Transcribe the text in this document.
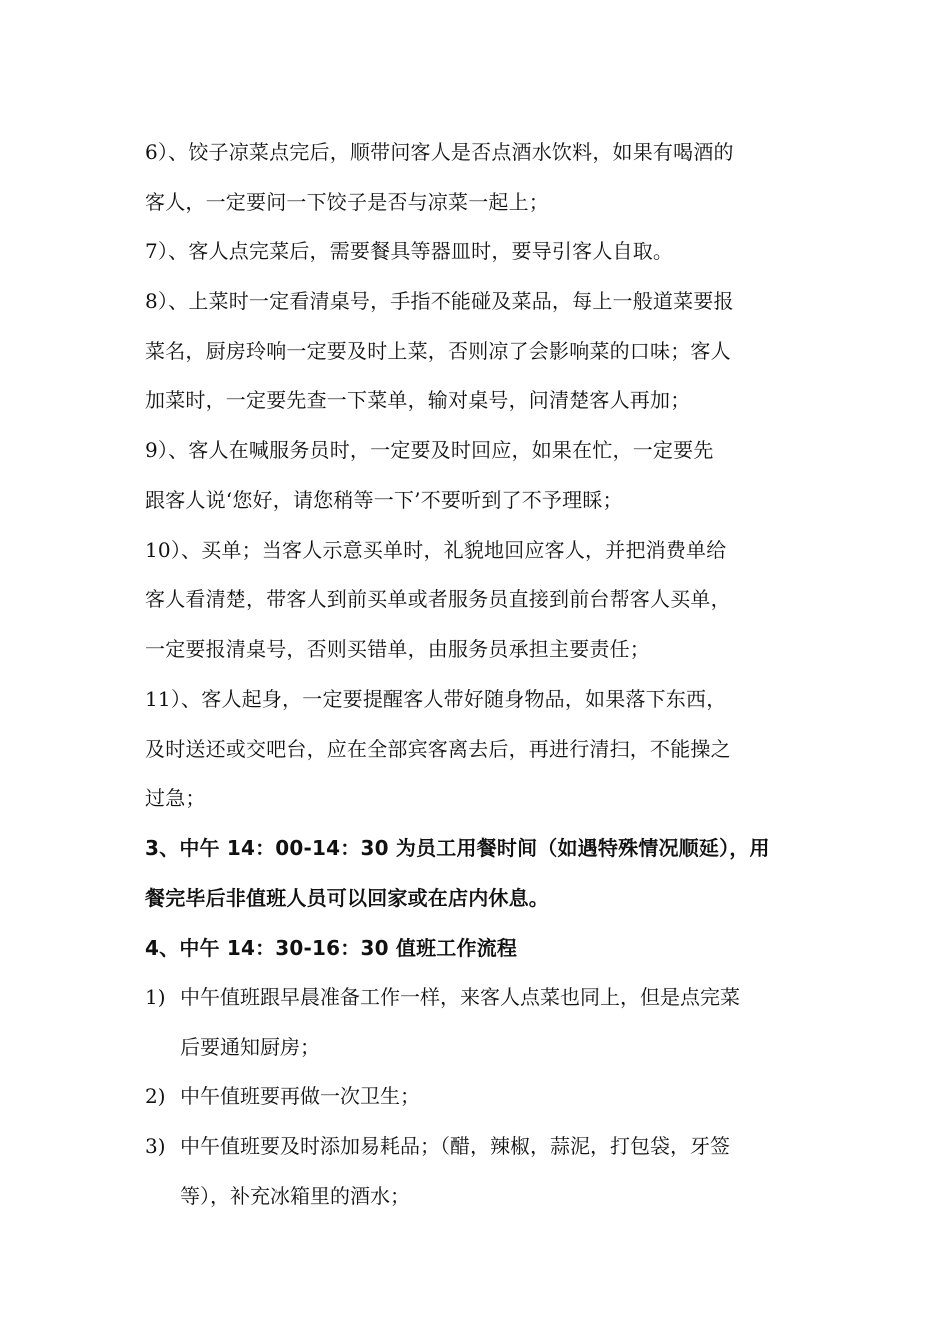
6）、饺子凉菜点完后，顺带问客人是否点酒水饮料，如果有喝酒的
客人，一定要问一下饺子是否与凉菜一起上；
7）、客人点完菜后，需要餐具等器皿时，要导引客人自取。
8）、上菜时一定看清桌号，手指不能碰及菜品，每上一般道菜要报
菜名，厨房玲响一定要及时上菜，否则凉了会影响菜的口味；客人
加菜时，一定要先查一下菜单，输对桌号，问清楚客人再加；
9）、客人在喊服务员时，一定要及时回应，如果在忙，一定要先
跟客人说‘您好，请您稍等一下’不要听到了不予理睬；
10）、买单；当客人示意买单时，礼貌地回应客人，并把消费单给
客人看清楚，带客人到前买单或者服务员直接到前台帮客人买单，
一定要报清桌号，否则买错单，由服务员承担主要责任；
11）、客人起身，一定要提醒客人带好随身物品，如果落下东西，
及时送还或交吧台，应在全部宾客离去后，再进行清扫，不能操之
过急；
3、中午 14：00-14：30 为员工用餐时间（如遇特殊情况顺延），用
餐完毕后非值班人员可以回家或在店内休息。
4、中午 14：30-16：30 值班工作流程
1) 中午值班跟早晨准备工作一样，来客人点菜也同上，但是点完菜
后要通知厨房；
2) 中午值班要再做一次卫生；
3) 中午值班要及时添加易耗品；（醋，辣椒，蒜泥，打包袋，牙签
等），补充冰箱里的酒水；
